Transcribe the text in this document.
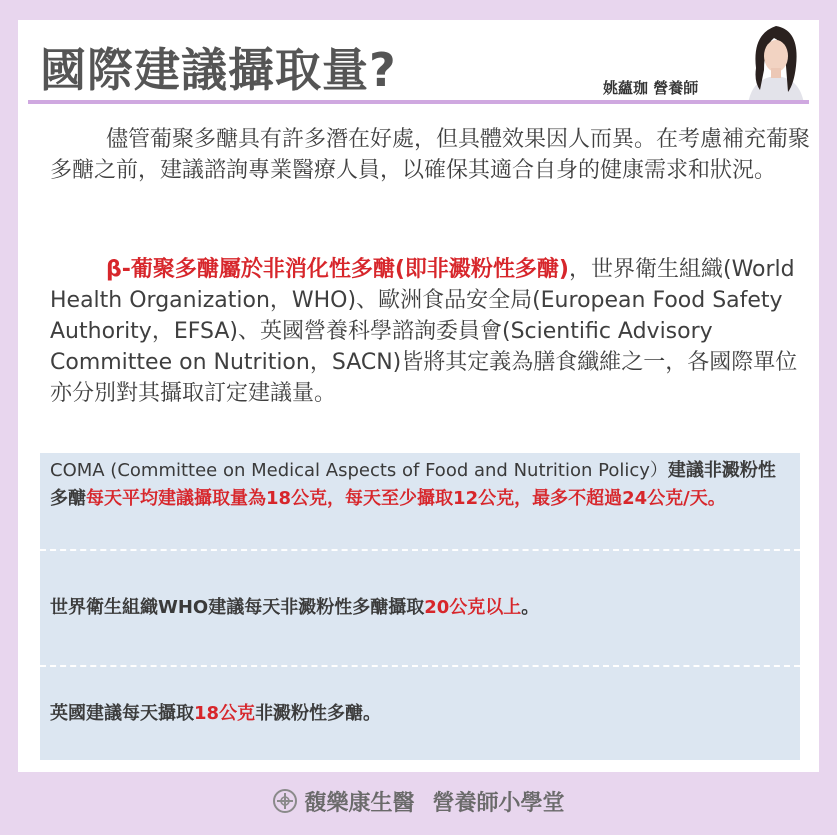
國際建議攝取量?	姚蘊珈 營養師

儘管葡聚多醣具有許多潛在好處，但具體效果因人而異。在考慮補充葡聚多醣之前，建議諮詢專業醫療人員，以確保其適合自身的健康需求和狀況。

β-葡聚多醣屬於非消化性多醣(即非澱粉性多醣)，世界衛生組織(World Health Organization，WHO)、歐洲食品安全局(European Food Safety Authority，EFSA)、英國營養科學諮詢委員會(Scientific Advisory Committee on Nutrition，SACN)皆將其定義為膳食纖維之一，各國際單位亦分別對其攝取訂定建議量。

COMA (Committee on Medical Aspects of Food and Nutrition Policy）建議非澱粉性多醣每天平均建議攝取量為18公克，每天至少攝取12公克，最多不超過24公克/天。
世界衛生組織WHO建議每天非澱粉性多醣攝取20公克以上。
英國建議每天攝取18公克非澱粉性多醣。
馥樂康生醫 營養師小學堂
